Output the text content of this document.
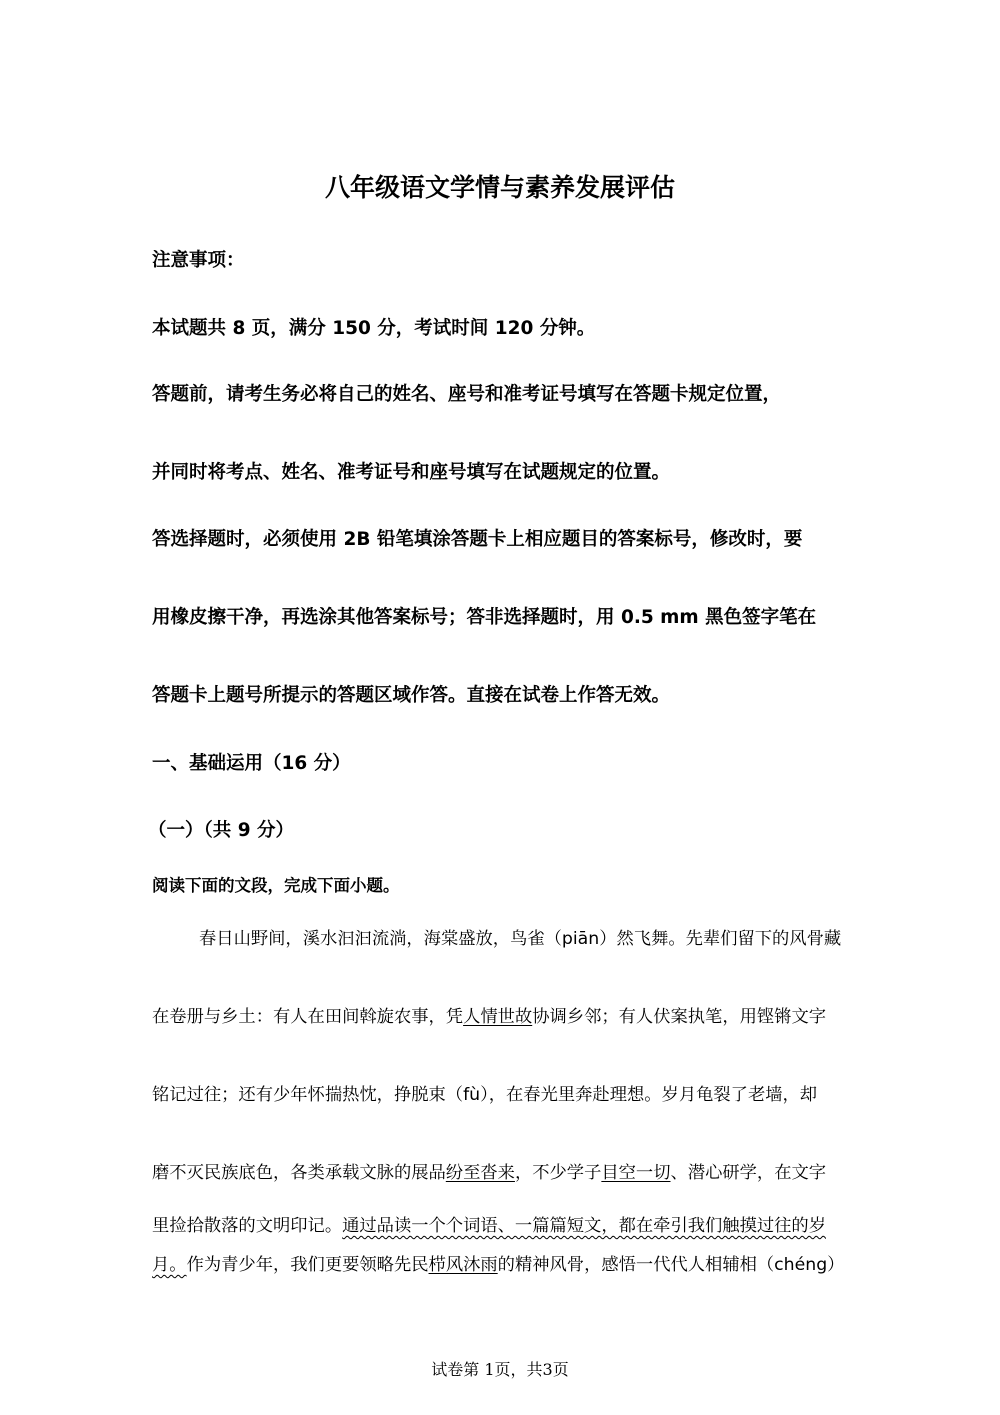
八年级语文学情与素养发展评估
注意事项：
本试题共 8 页，满分 150 分，考试时间 120 分钟。
答题前，请考生务必将自己的姓名、座号和准考证号填写在答题卡规定位置，
并同时将考点、姓名、准考证号和座号填写在试题规定的位置。
答选择题时，必须使用 2B 铅笔填涂答题卡上相应题目的答案标号，修改时，要
用橡皮擦干净，再选涂其他答案标号；答非选择题时，用 0.5 mm 黑色签字笔在
答题卡上题号所提示的答题区域作答。直接在试卷上作答无效。
一、基础运用（16 分）
（一）（共 9 分）
阅读下面的文段，完成下面小题。
春日山野间，溪水汩汩流淌，海棠盛放，鸟雀（piān）然飞舞。先辈们留下的风骨藏
在卷册与乡土：有人在田间斡旋农事，凭人情世故协调乡邻；有人伏案执笔，用铿锵文字
铭记过往；还有少年怀揣热忱，挣脱束（fù），在春光里奔赴理想。岁月龟裂了老墙，却
磨不灭民族底色，各类承载文脉的展品纷至沓来，不少学子目空一切、潜心研学，在文字
里捡拾散落的文明印记。通过品读一个个词语、一篇篇短文，都在牵引我们触摸过往的岁
月。作为青少年，我们更要领略先民栉风沐雨的精神风骨，感悟一代代人相辅相（chéng）
试卷第 1页，共3页
